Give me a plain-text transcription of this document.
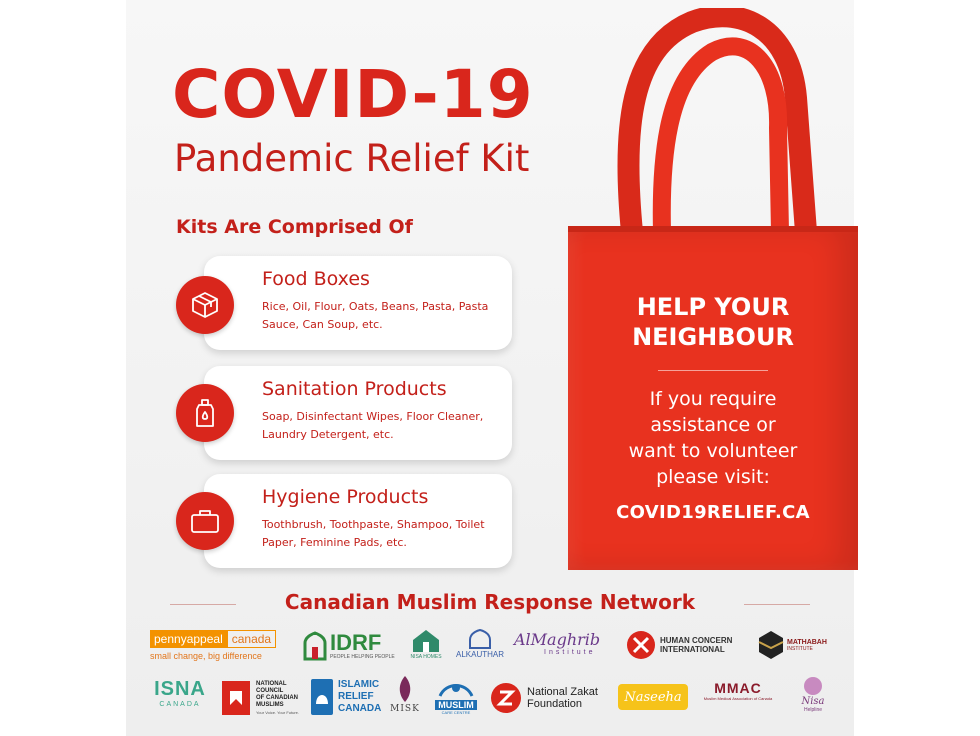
COVID-19
Pandemic Relief Kit
Kits Are Comprised Of
Food Boxes
Rice, Oil, Flour, Oats, Beans, Pasta, Pasta Sauce, Can Soup, etc.
Sanitation Products
Soap, Disinfectant Wipes, Floor Cleaner, Laundry Detergent, etc.
Hygiene Products
Toothbrush, Toothpaste, Shampoo, Toilet Paper, Feminine Pads, etc.
HELP YOUR
NEIGHBOUR
If you require
assistance or
want to volunteer
please visit:
COVID19RELIEF.CA
Canadian Muslim Response Network
pennyappeal canada
small change, big difference
IDRF
PEOPLE HELPING PEOPLE	NISA HOMES ALKAUTHAR
AlMaghrib
Institute
HUMAN CONCERN
INTERNATIONAL
MATHABAH
INSTITUTE
ISNA
CANADA
NATIONAL
COUNCIL
OF CANADIAN
MUSLIMS
Your Voice. Your Future.
ISLAMIC
RELIEF
CANADA MISK	MUSLIM
CARE CENTRE
National Zakat
Foundation	Naseeha
MMAC
Muslim Medical Association of Canada	Nisa
Helpline
